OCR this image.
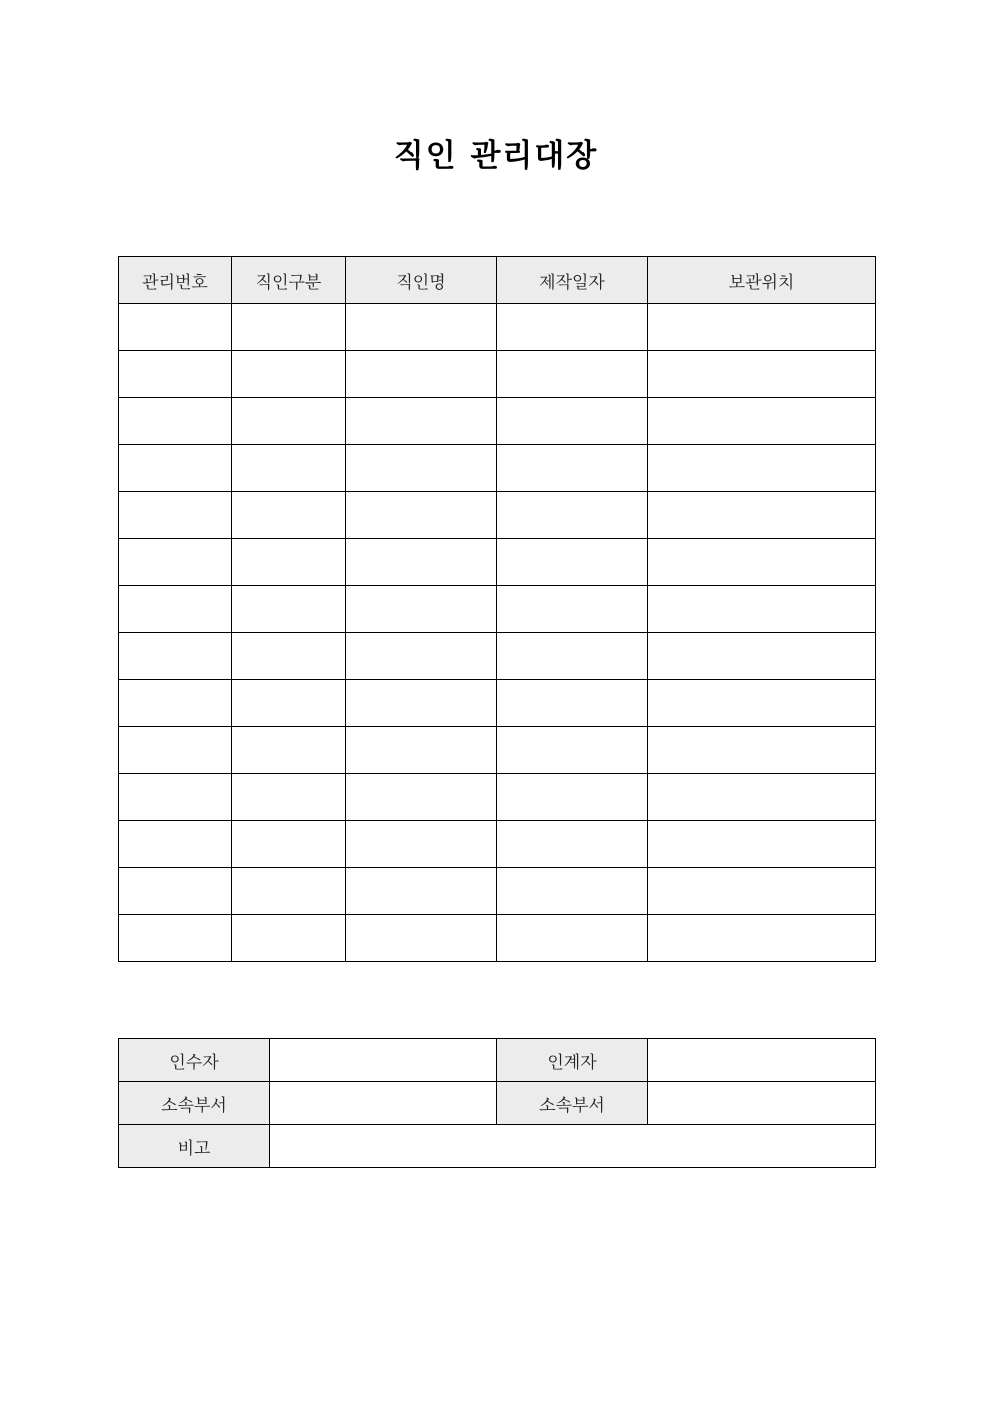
직인 관리대장
관리번호	직인구분	직인명	제작일자	보관위치

인수자		인계자	
소속부서		소속부서	
비고			
